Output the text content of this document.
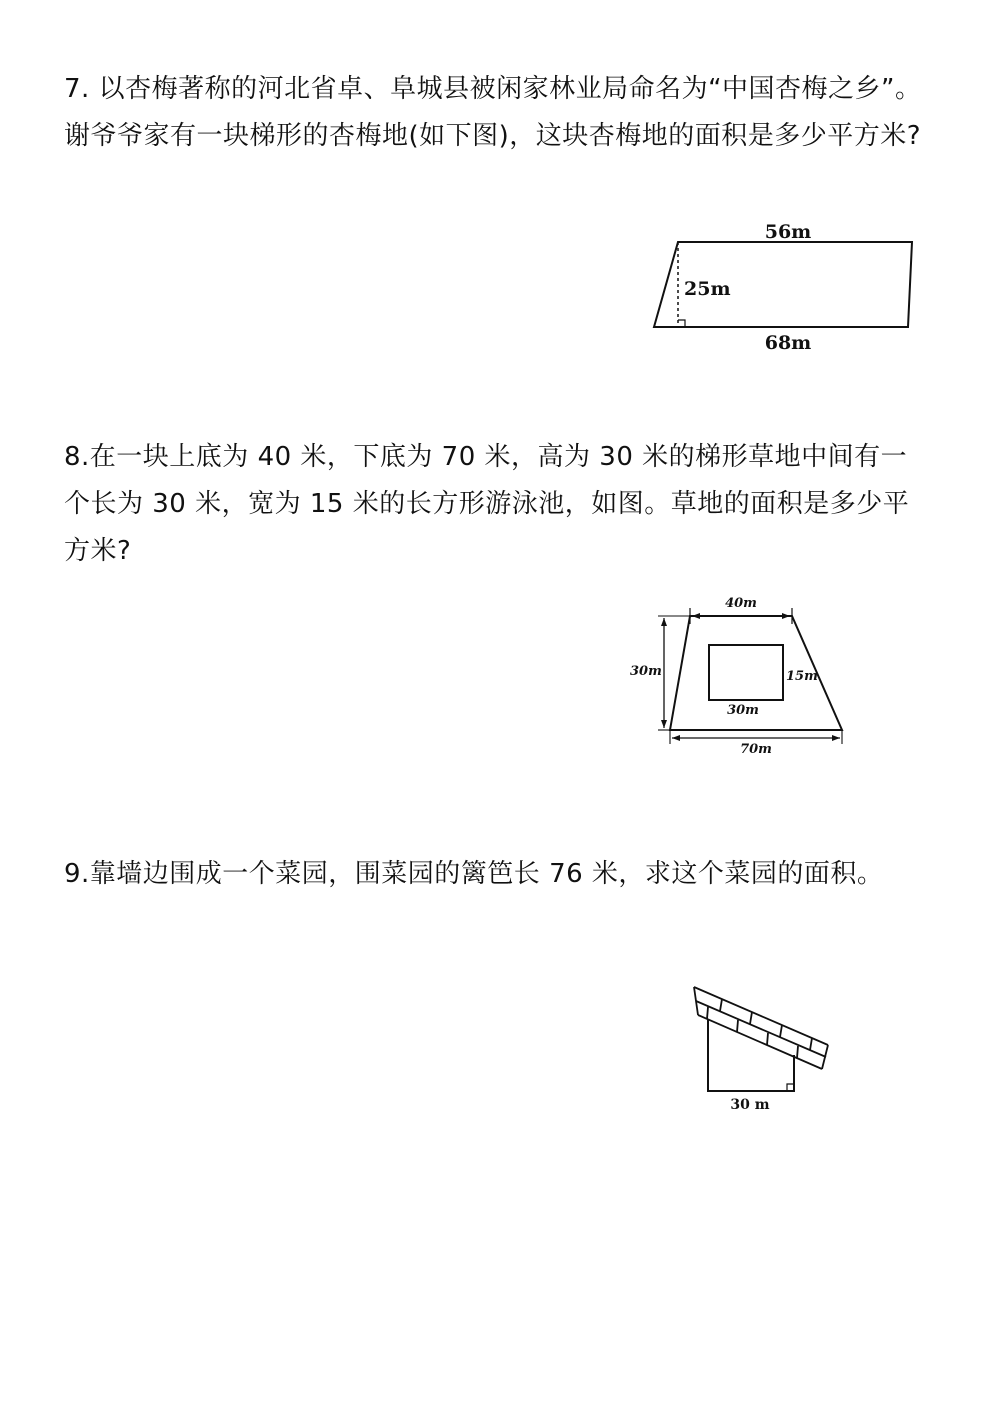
7. 以杏梅著称的河北省卓、阜城县被闲家林业局命名为“中国杏梅之乡”。谢爷爷家有一块梯形的杏梅地(如下图)，这块杏梅地的面积是多少平方米?
56m
25m
68m
8.在一块上底为 40 米，下底为 70 米，高为 30 米的梯形草地中间有一个长为 30 米，宽为 15 米的长方形游泳池，如图。草地的面积是多少平方米?
40m
30m
70m
30m
15m
9.靠墙边围成一个菜园，围菜园的篱笆长 76 米，求这个菜园的面积。
30 m
